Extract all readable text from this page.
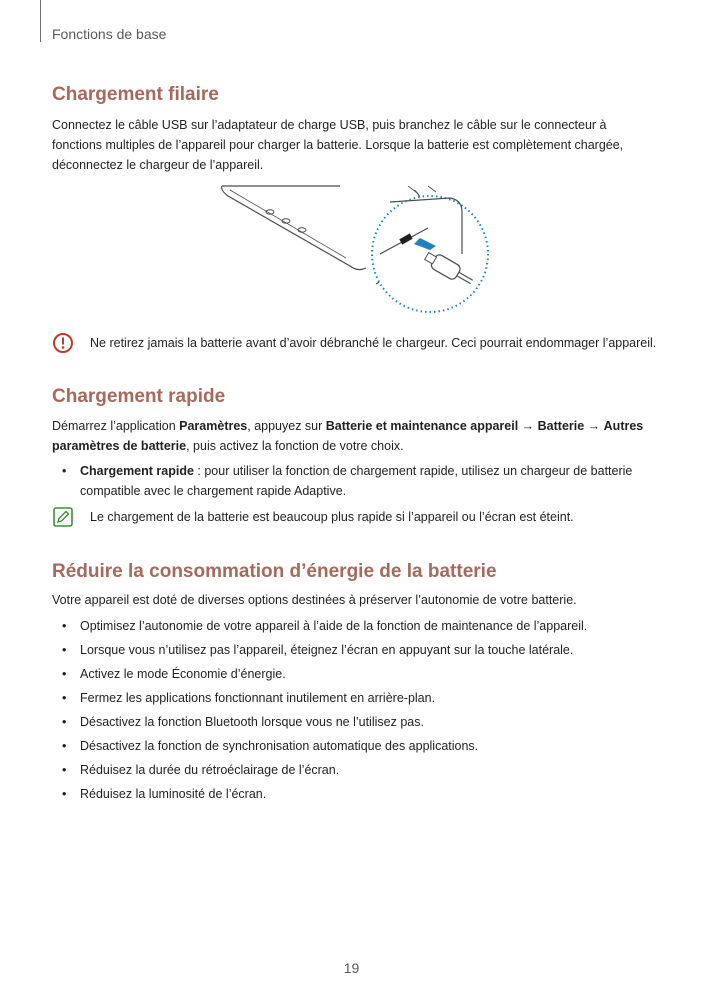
Fonctions de base
Chargement filaire

Connectez le câble USB sur l’adaptateur de charge USB, puis branchez le câble sur le connecteur à fonctions multiples de l’appareil pour charger la batterie. Lorsque la batterie est complètement chargée, déconnectez le chargeur de l’appareil.

Ne retirez jamais la batterie avant d’avoir débranché le chargeur. Ceci pourrait endommager l’appareil.
Chargement rapide

Démarrez l’application Paramètres, appuyez sur Batterie et maintenance appareil → Batterie → Autres paramètres de batterie, puis activez la fonction de votre choix.

• Chargement rapide : pour utiliser la fonction de chargement rapide, utilisez un chargeur de batterie compatible avec le chargement rapide Adaptive.
Le chargement de la batterie est beaucoup plus rapide si l’appareil ou l’écran est éteint.
Réduire la consommation d’énergie de la batterie

Votre appareil est doté de diverses options destinées à préserver l’autonomie de votre batterie.

• Optimisez l’autonomie de votre appareil à l’aide de la fonction de maintenance de l’appareil.
• Lorsque vous n’utilisez pas l’appareil, éteignez l’écran en appuyant sur la touche latérale.
• Activez le mode Économie d’énergie.
• Fermez les applications fonctionnant inutilement en arrière-plan.
• Désactivez la fonction Bluetooth lorsque vous ne l’utilisez pas.
• Désactivez la fonction de synchronisation automatique des applications.
• Réduisez la durée du rétroéclairage de l’écran.
• Réduisez la luminosité de l’écran.
19
